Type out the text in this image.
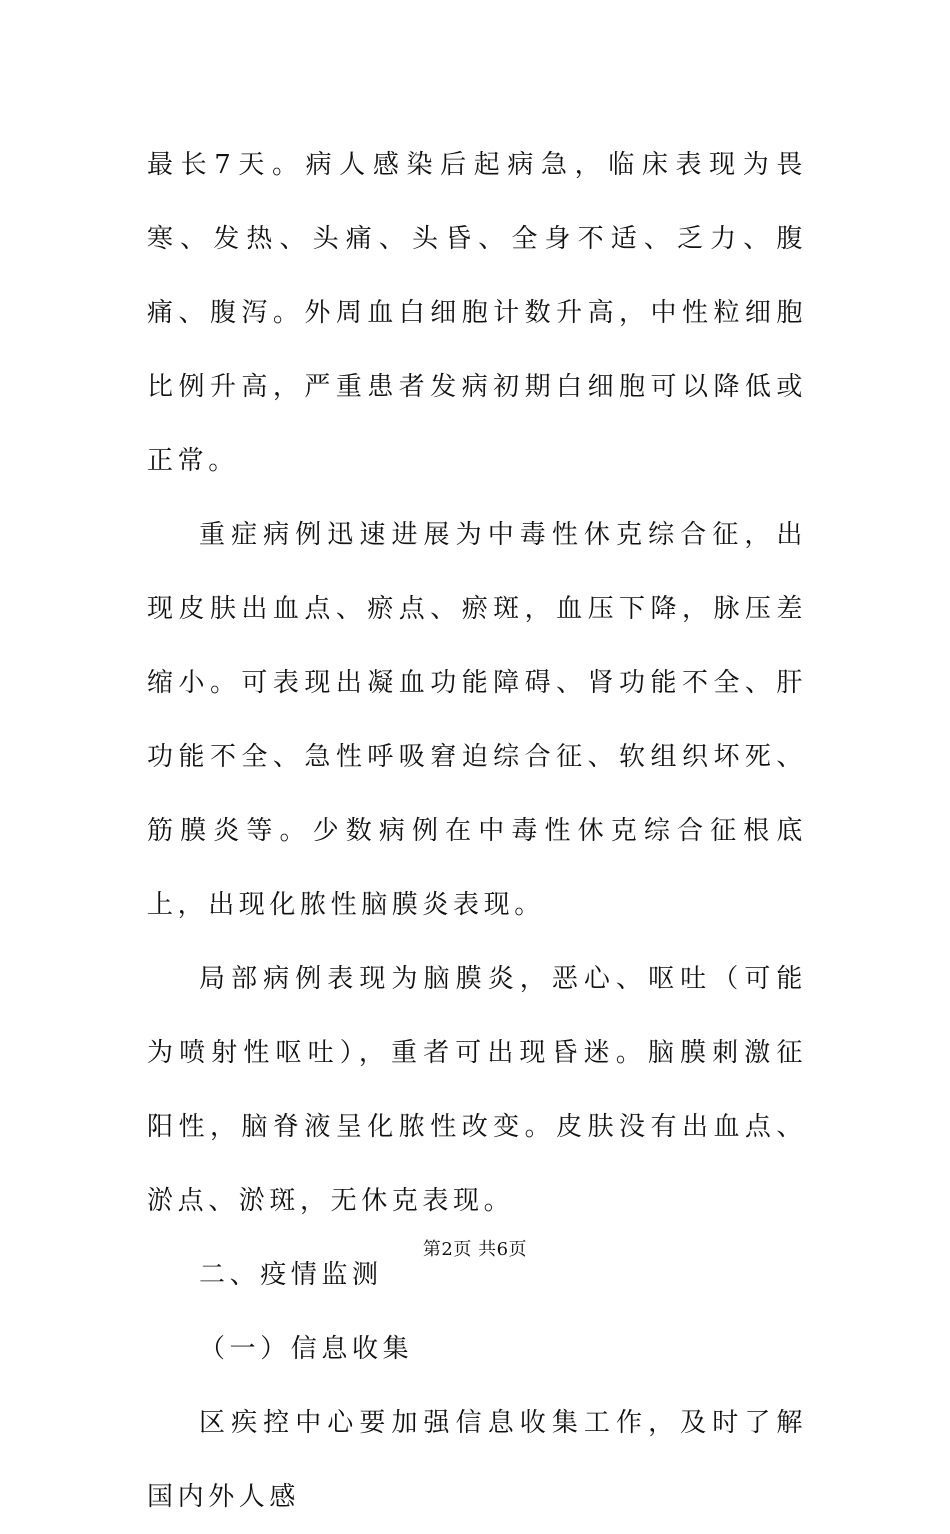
最长7天。病人感染后起病急，临床表现为畏寒、发热、头痛、头昏、全身不适、乏力、腹痛、腹泻。外周血白细胞计数升高，中性粒细胞比例升高，严重患者发病初期白细胞可以降低或正常。

重症病例迅速进展为中毒性休克综合征，出现皮肤出血点、瘀点、瘀斑，血压下降，脉压差缩小。可表现出凝血功能障碍、肾功能不全、肝功能不全、急性呼吸窘迫综合征、软组织坏死、筋膜炎等。少数病例在中毒性休克综合征根底上，出现化脓性脑膜炎表现。

局部病例表现为脑膜炎，恶心、呕吐（可能为喷射性呕吐），重者可出现昏迷。脑膜刺激征阳性，脑脊液呈化脓性改变。皮肤没有出血点、淤点、淤斑，无休克表现。

二、疫情监测

（一）信息收集

区疾控中心要加强信息收集工作，及时了解国内外人感

第2页 共6页
